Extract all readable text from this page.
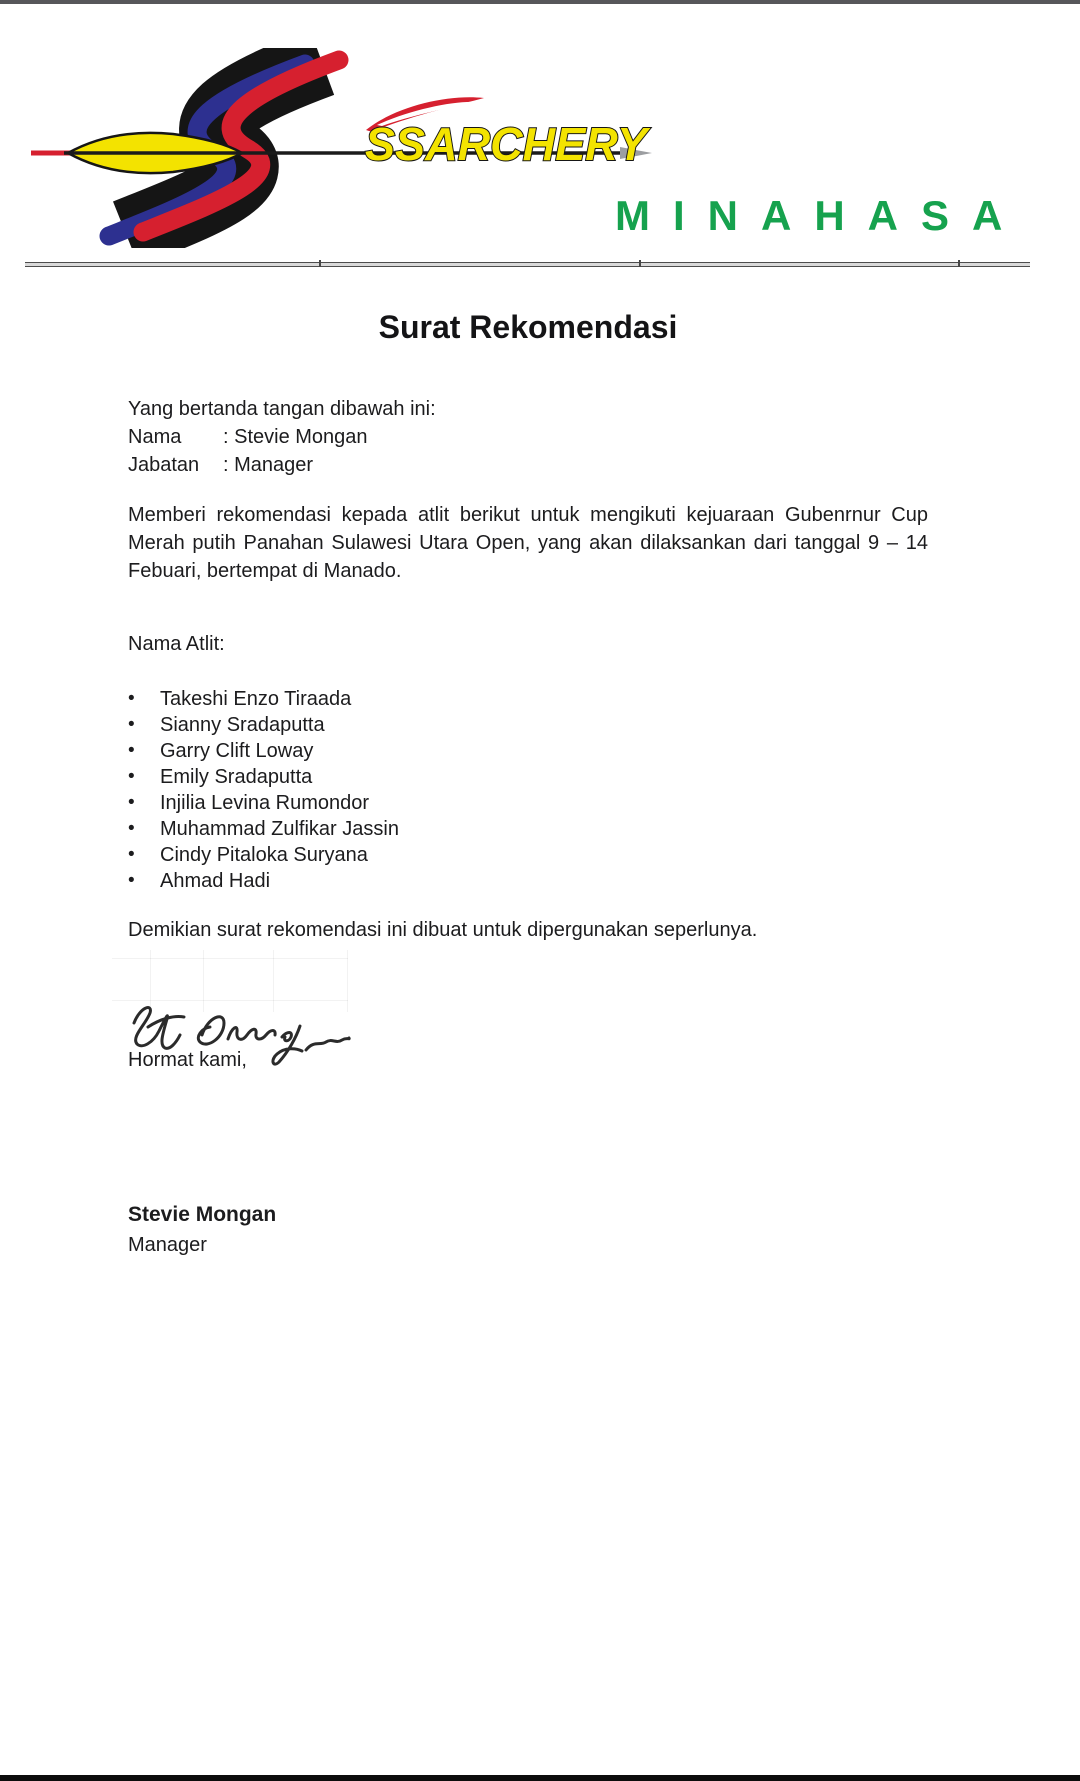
SSARCHERY
MINAHASA
Surat Rekomendasi
Yang bertanda tangan dibawah ini:
Nama : Stevie Mongan
Jabatan : Manager
Memberi rekomendasi kepada atlit berikut untuk mengikuti kejuaraan Gubenrnur Cup
Merah putih Panahan Sulawesi Utara Open, yang akan dilaksankan dari tanggal 9 – 14
Febuari, bertempat di Manado.
Nama Atlit:
• Takeshi Enzo Tiraada
• Sianny Sradaputta
• Garry Clift Loway
• Emily Sradaputta
• Injilia Levina Rumondor
• Muhammad Zulfikar Jassin
• Cindy Pitaloka Suryana
• Ahmad Hadi
Demikian surat rekomendasi ini dibuat untuk dipergunakan seperlunya.
Hormat kami,
Stevie Mongan
Manager
